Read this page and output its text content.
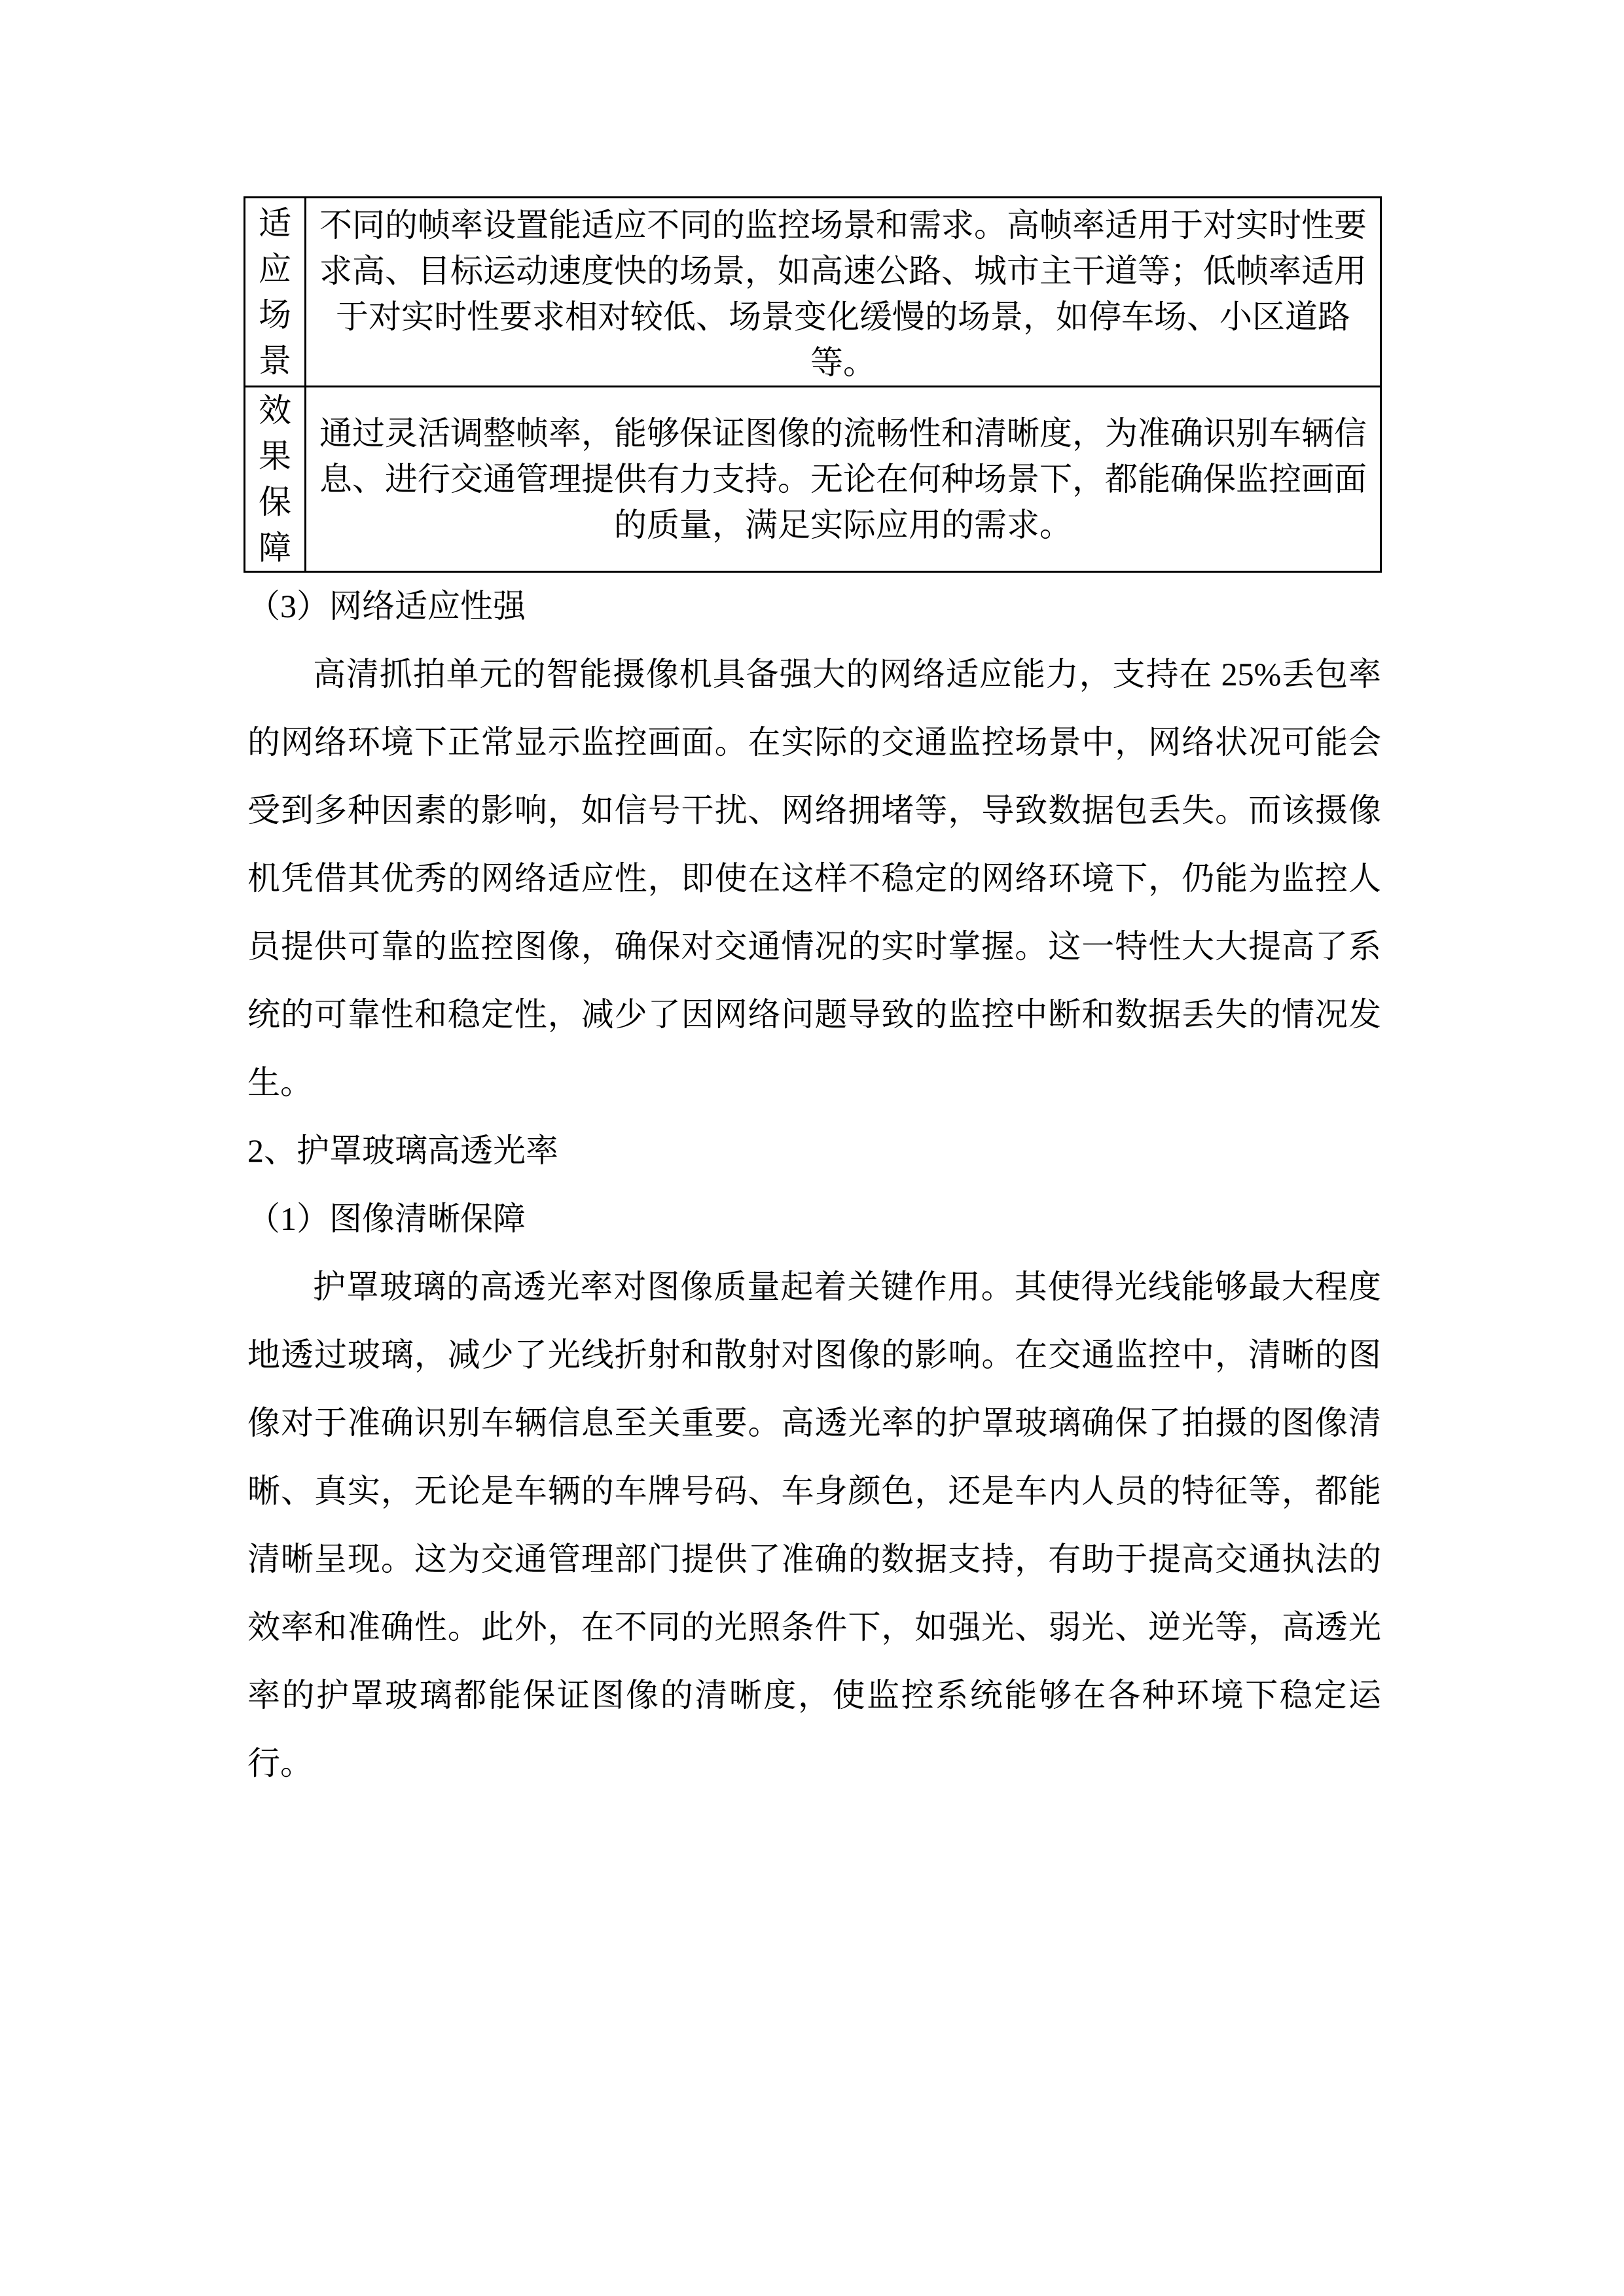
适应场景	不同的帧率设置能适应不同的监控场景和需求。高帧率适用于对实时性要求高、目标运动速度快的场景，如高速公路、城市主干道等；低帧率适用于对实时性要求相对较低、场景变化缓慢的场景，如停车场、小区道路等。
效果保障	通过灵活调整帧率，能够保证图像的流畅性和清晰度，为准确识别车辆信息、进行交通管理提供有力支持。无论在何种场景下，都能确保监控画面的质量，满足实际应用的需求。

（3）网络适应性强

高清抓拍单元的智能摄像机具备强大的网络适应能力，支持在 25%丢包率的网络环境下正常显示监控画面。在实际的交通监控场景中，网络状况可能会受到多种因素的影响，如信号干扰、网络拥堵等，导致数据包丢失。而该摄像机凭借其优秀的网络适应性，即使在这样不稳定的网络环境下，仍能为监控人员提供可靠的监控图像，确保对交通情况的实时掌握。这一特性大大提高了系统的可靠性和稳定性，减少了因网络问题导致的监控中断和数据丢失的情况发生。

2、护罩玻璃高透光率

（1）图像清晰保障

护罩玻璃的高透光率对图像质量起着关键作用。其使得光线能够最大程度地透过玻璃，减少了光线折射和散射对图像的影响。在交通监控中，清晰的图像对于准确识别车辆信息至关重要。高透光率的护罩玻璃确保了拍摄的图像清晰、真实，无论是车辆的车牌号码、车身颜色，还是车内人员的特征等，都能清晰呈现。这为交通管理部门提供了准确的数据支持，有助于提高交通执法的效率和准确性。此外，在不同的光照条件下，如强光、弱光、逆光等，高透光率的护罩玻璃都能保证图像的清晰度，使监控系统能够在各种环境下稳定运行。
